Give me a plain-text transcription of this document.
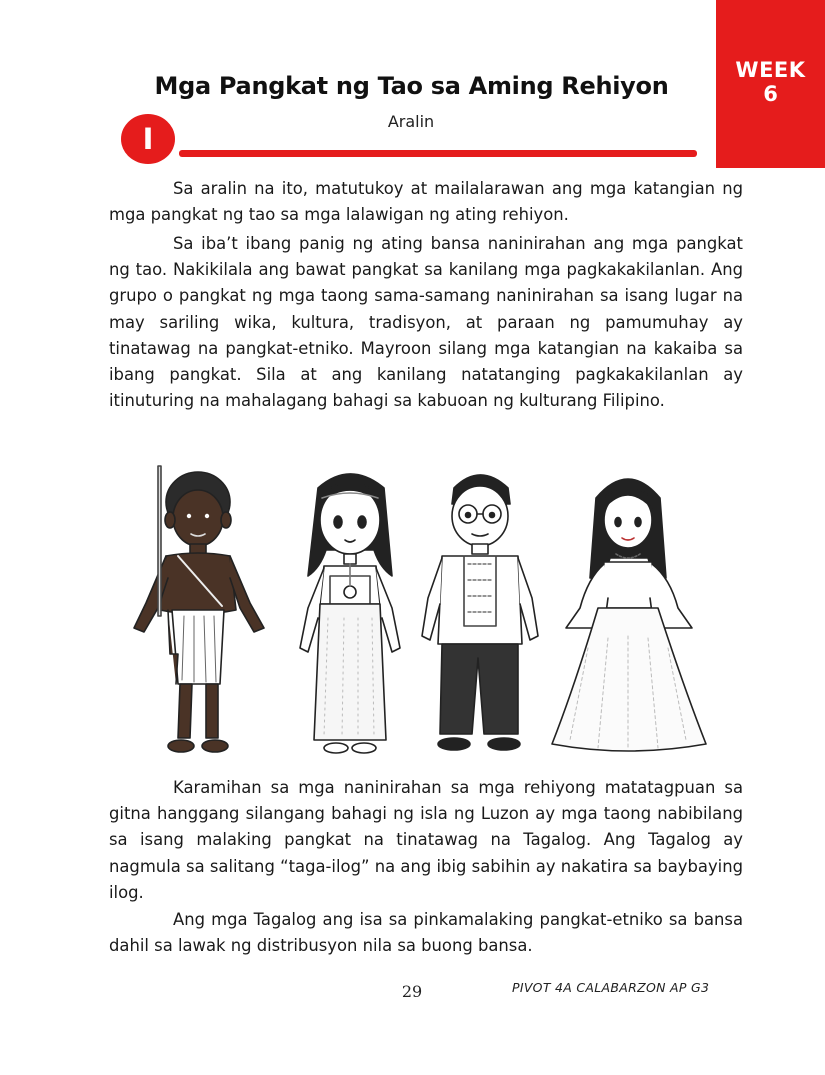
WEEK
6
Mga Pangkat ng Tao sa Aming Rehiyon
Aralin
I

Sa aralin na ito, matutukoy at mailalarawan ang mga katangian ng mga pangkat ng tao sa mga lalawigan ng ating rehiyon.

Sa iba’t ibang panig ng ating bansa naninirahan ang mga pangkat ng tao. Nakikilala ang bawat pangkat sa kanilang mga pagkakakilanlan. Ang grupo o pangkat ng mga taong sama-samang naninirahan sa isang lugar na may sariling wika, kultura, tradisyon, at paraan ng pamumuhay ay tinatawag na pangkat-etniko. Mayroon silang mga katangian na kakaiba sa ibang pangkat. Sila at ang kanilang natatanging pagkakakilanlan ay itinuturing na mahalagang bahagi sa kabuoan ng kulturang Filipino.

Karamihan sa mga naninirahan sa mga rehiyong matatagpuan sa gitna hanggang silangang bahagi ng isla ng Luzon ay mga taong nabibilang sa isang malaking pangkat na tinatawag na Tagalog. Ang Tagalog ay nagmula sa salitang “taga-ilog” na ang ibig sabihin ay nakatira sa baybaying ilog.

Ang mga Tagalog ang isa sa pinkamalaking pangkat-etniko sa bansa dahil sa lawak ng distribusyon nila sa buong bansa.

29	PIVOT 4A CALABARZON AP G3
